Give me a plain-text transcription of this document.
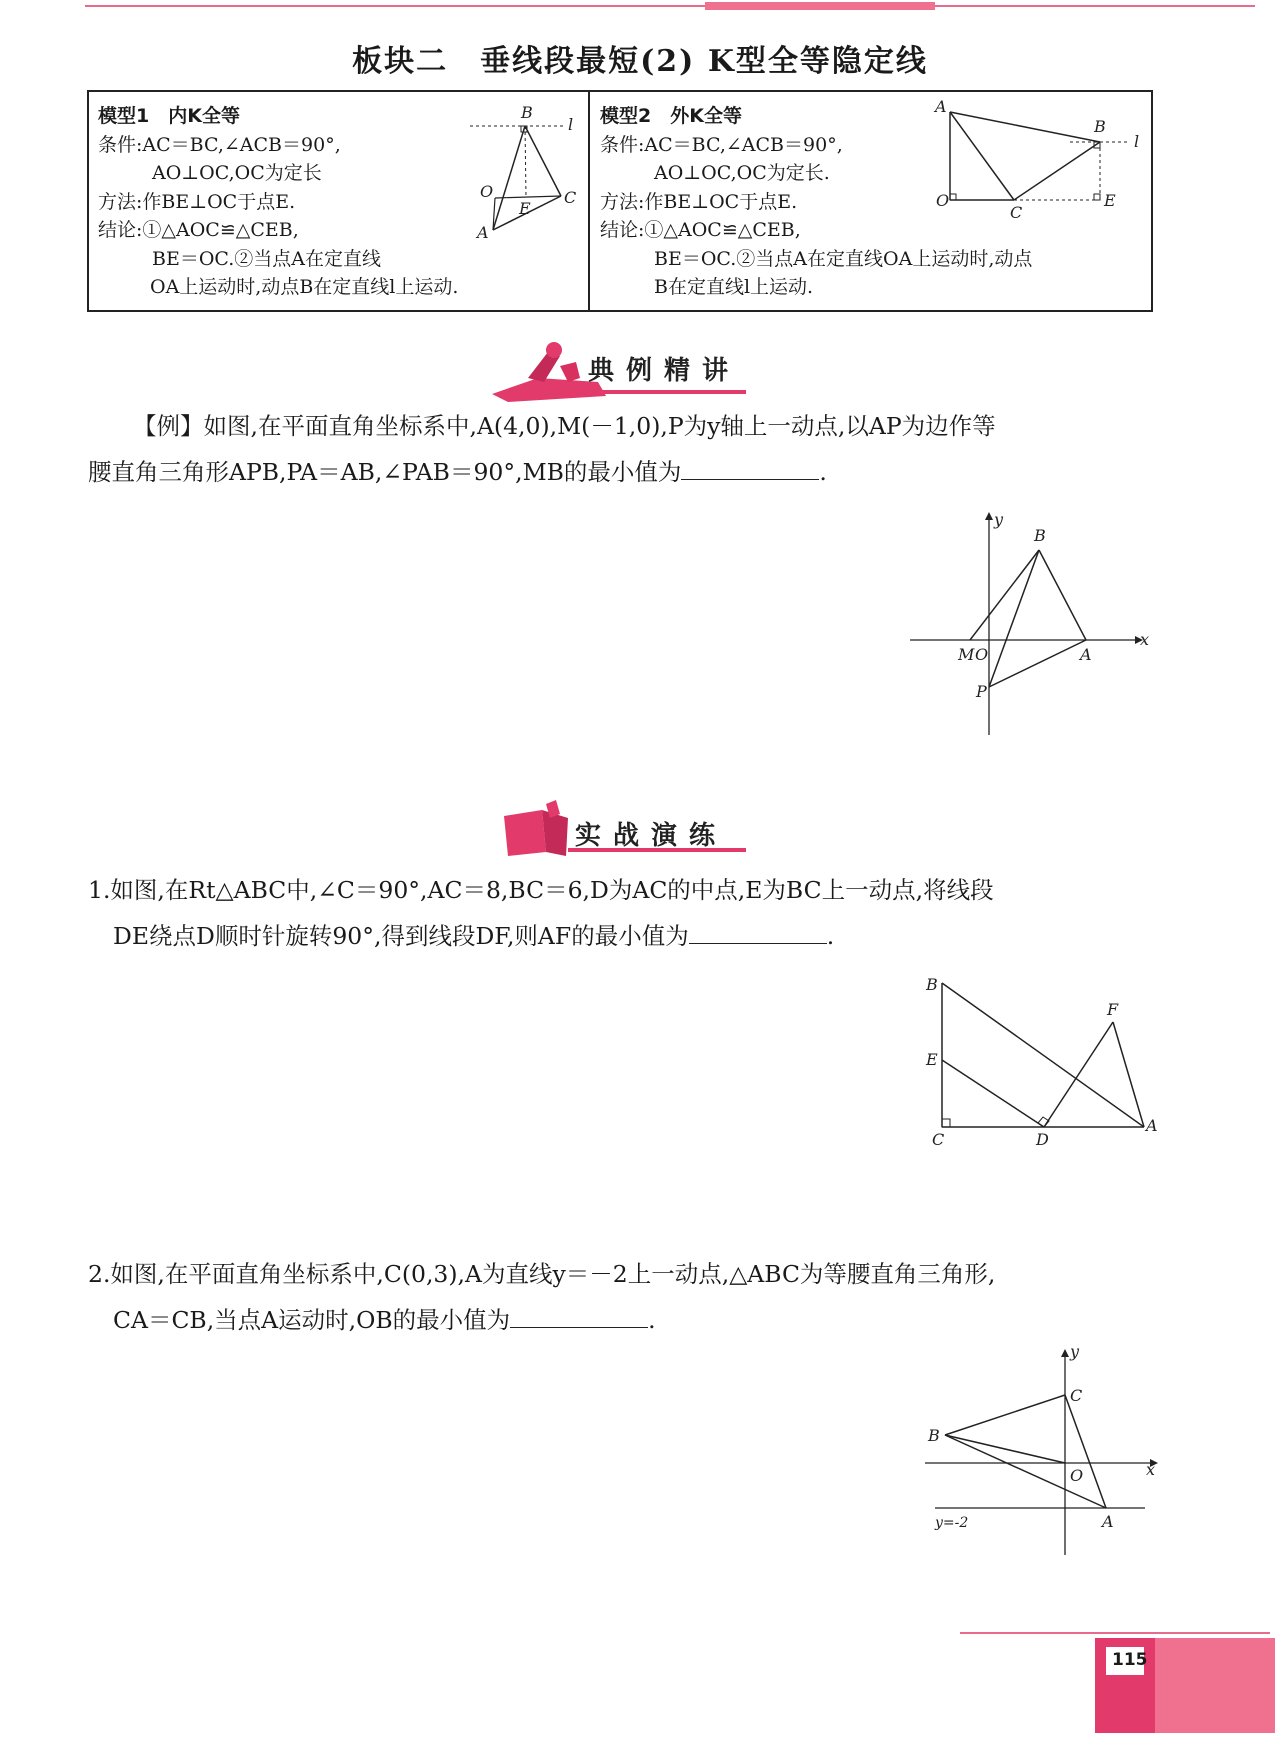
板块二　垂线段最短(2) K型全等隐定线
模型1　内K全等
条件:AC＝BC,∠ACB＝90°,
AO⊥OC,OC为定长
方法:作BE⊥OC于点E.
结论:①△AOC≌△CEB,
BE＝OC.②当点A在定直线
OA上运动时,动点B在定直线l上运动.
B
l
O
E
C
A
模型2　外K全等
条件:AC＝BC,∠ACB＝90°,
AO⊥OC,OC为定长.
方法:作BE⊥OC于点E.
结论:①△AOC≌△CEB,
BE＝OC.②当点A在定直线OA上运动时,动点
B在定直线l上运动.
A
B
l
O
C
E
典例精讲
【例】如图,在平面直角坐标系中,A(4,0),M(－1,0),P为y轴上一动点,以AP为边作等
腰直角三角形APB,PA＝AB,∠PAB＝90°,MB的最小值为	.
y
B
M O	A
x
P
实战演练
1.如图,在Rt△ABC中,∠C＝90°,AC＝8,BC＝6,D为AC的中点,E为BC上一动点,将线段
DE绕点D顺时针旋转90°,得到线段DF,则AF的最小值为	.
B
F
E
C	D
A
2.如图,在平面直角坐标系中,C(0,3),A为直线y＝－2上一动点,△ABC为等腰直角三角形,
CA＝CB,当点A运动时,OB的最小值为	.
y
C
B
O	x
y=-2	A
115
